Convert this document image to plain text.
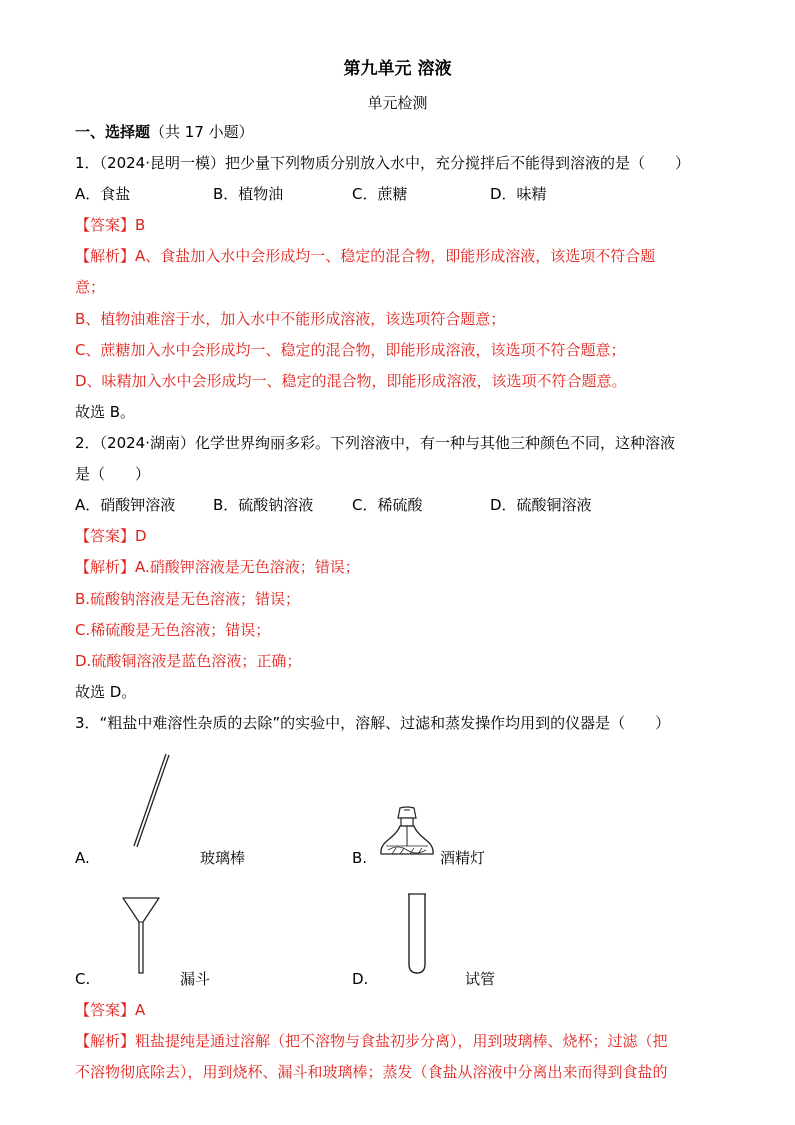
第九单元 溶液
单元检测
一、选择题（共 17 小题）
1．（2024·昆明一模）把少量下列物质分别放入水中，充分搅拌后不能得到溶液的是（　　）
A．食盐	B．植物油	C．蔗糖	D．味精
【答案】B
【解析】A、食盐加入水中会形成均一、稳定的混合物，即能形成溶液，该选项不符合题
意；
B、植物油难溶于水，加入水中不能形成溶液，该选项符合题意；
C、蔗糖加入水中会形成均一、稳定的混合物，即能形成溶液，该选项不符合题意；
D、味精加入水中会形成均一、稳定的混合物，即能形成溶液，该选项不符合题意。
故选 B。
2．（2024·湖南）化学世界绚丽多彩。下列溶液中，有一种与其他三种颜色不同，这种溶液
是（　　）
A．硝酸钾溶液	B．硫酸钠溶液	C．稀硫酸	D．硫酸铜溶液
【答案】D
【解析】A.硝酸钾溶液是无色溶液；错误；
B.硫酸钠溶液是无色溶液；错误；
C.稀硫酸是无色溶液；错误；
D.硫酸铜溶液是蓝色溶液；正确；
故选 D。
3．“粗盐中难溶性杂质的去除”的实验中，溶解、过滤和蒸发操作均用到的仪器是（　　）
A.	玻璃棒	B.	酒精灯
C.	漏斗	D.	试管
【答案】A
【解析】粗盐提纯是通过溶解（把不溶物与食盐初步分离），用到玻璃棒、烧杯；过滤（把
不溶物彻底除去），用到烧杯、漏斗和玻璃棒；蒸发（食盐从溶液中分离出来而得到食盐的
